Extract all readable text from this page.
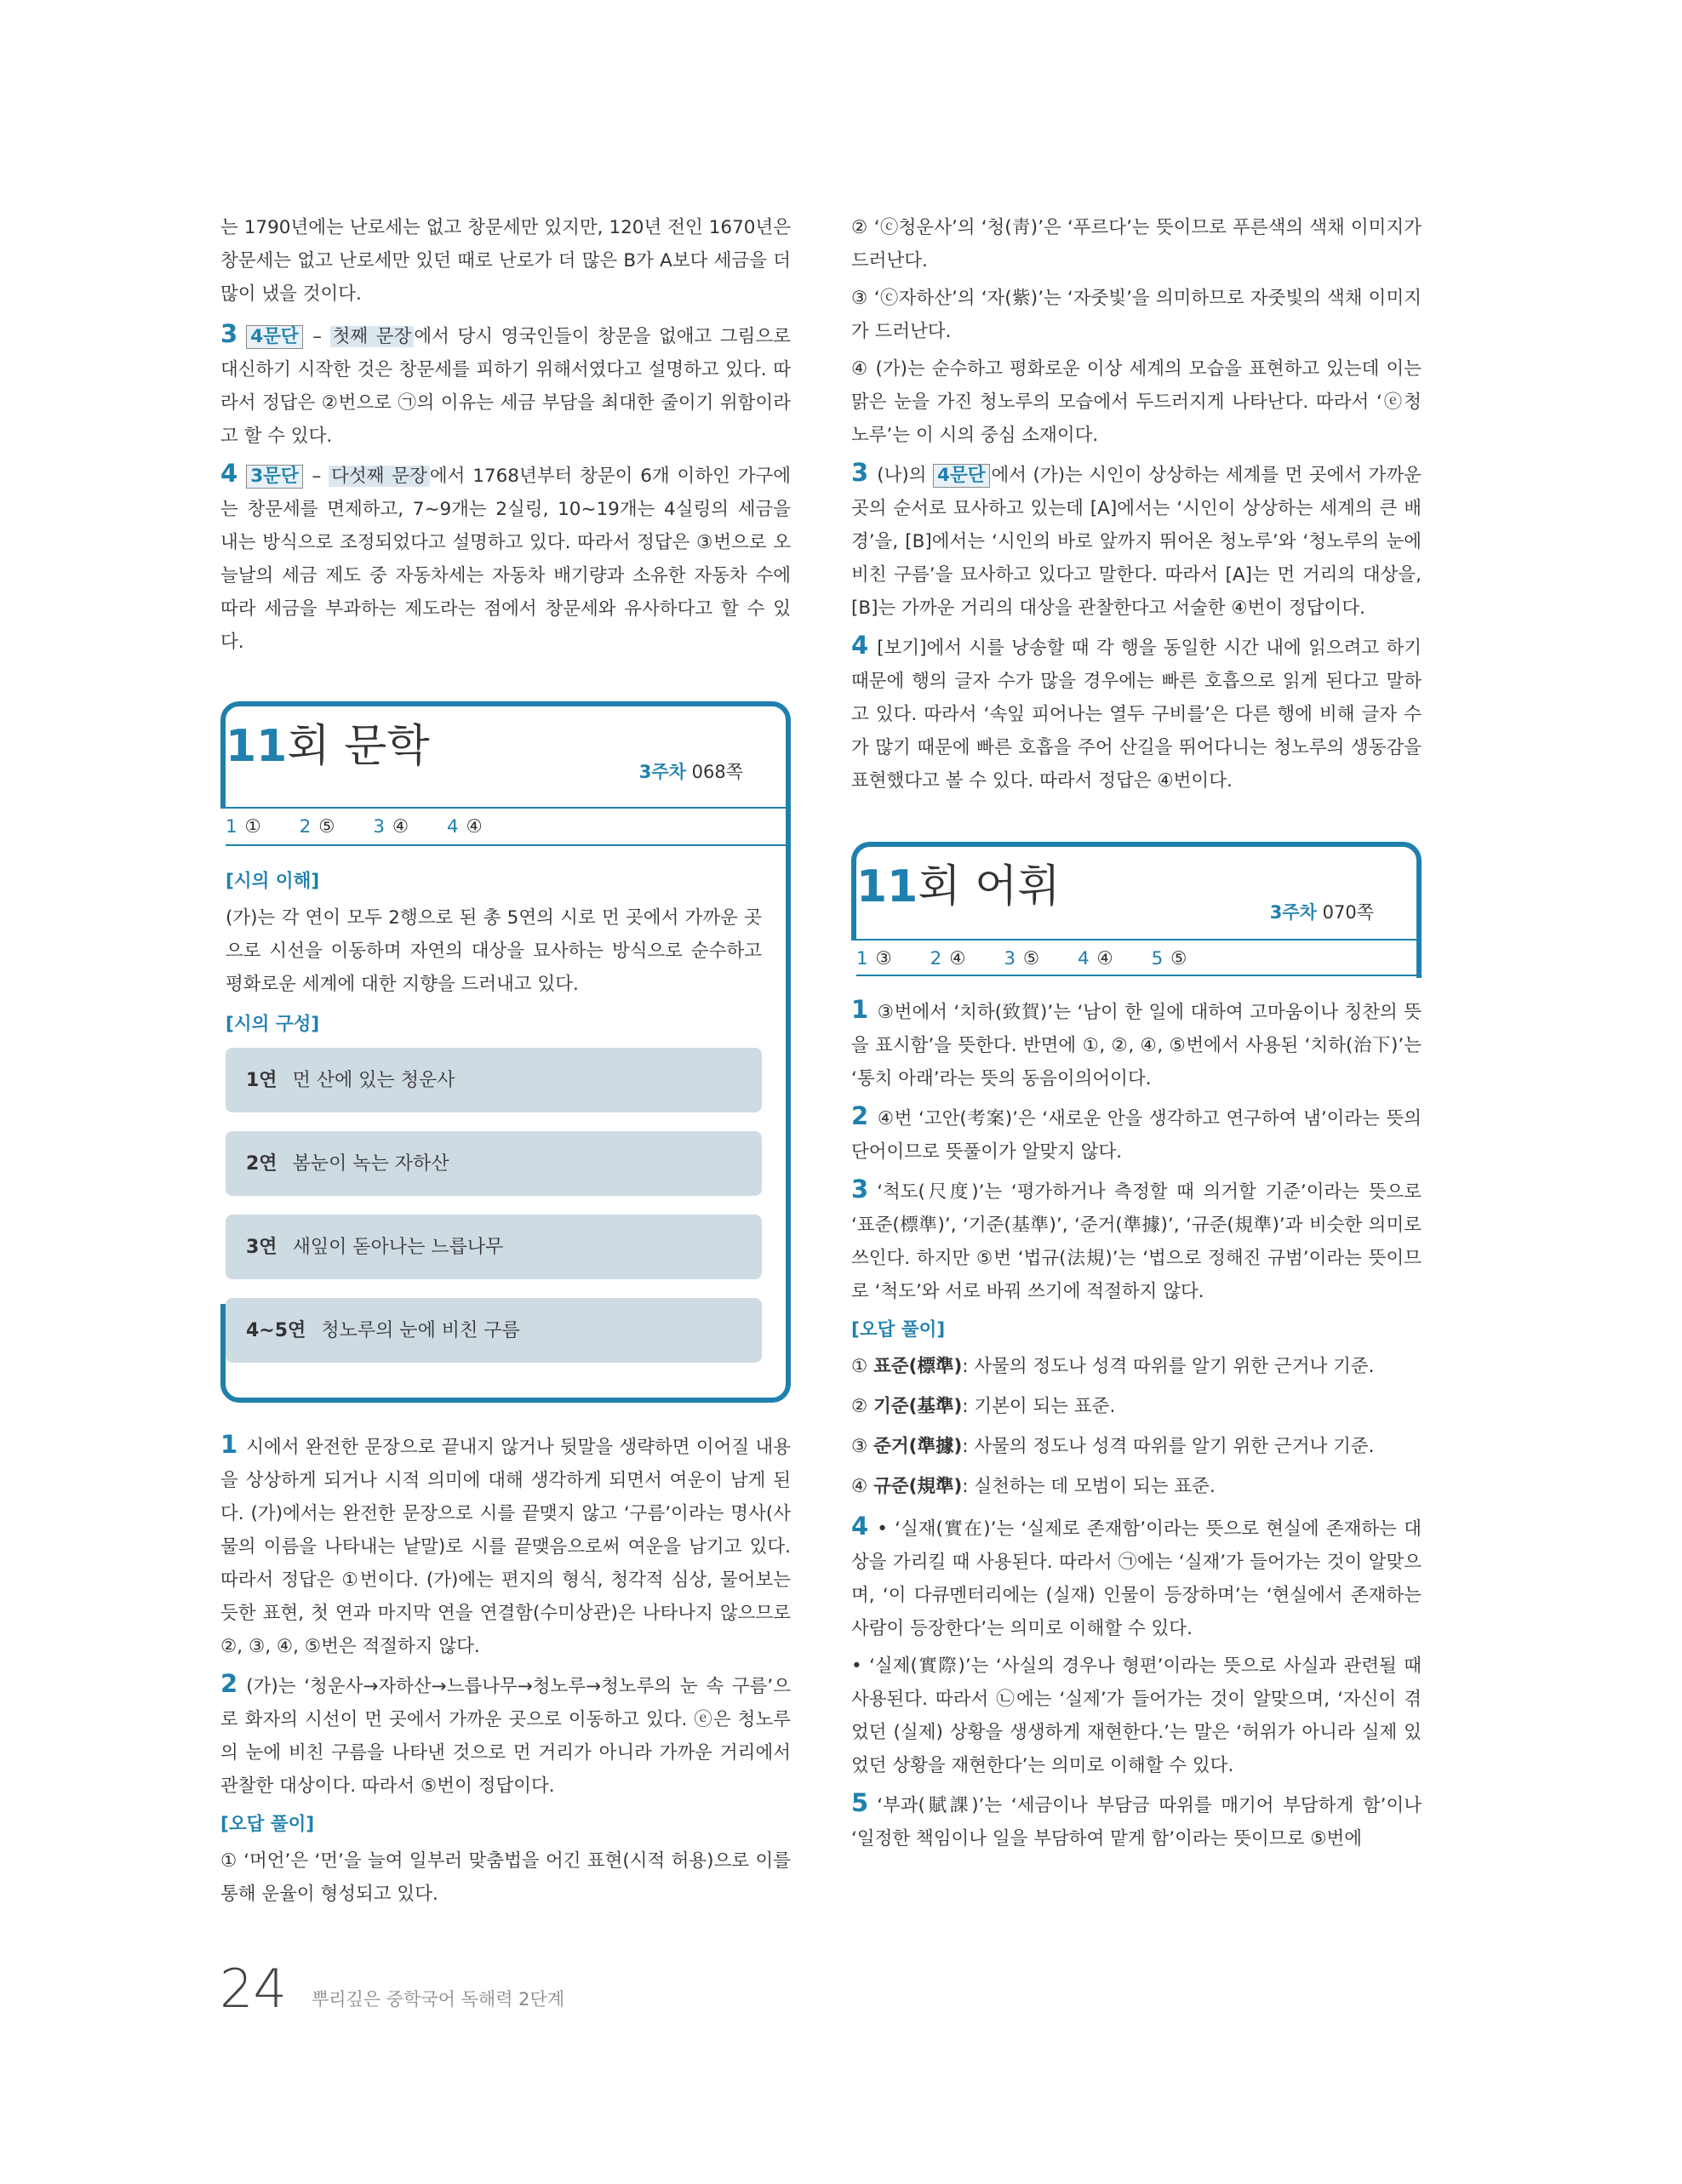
는 1790년에는 난로세는 없고 창문세만 있지만, 120년 전인 1670년은 창문세는 없고 난로세만 있던 때로 난로가 더 많은 B가 A보다 세금을 더 많이 냈을 것이다.

3 4문단 – 첫째 문장 에서 당시 영국인들이 창문을 없애고 그림으로 대신하기 시작한 것은 창문세를 피하기 위해서였다고 설명하고 있다. 따라서 정답은 ②번으로 ㉠의 이유는 세금 부담을 최대한 줄이기 위함이라고 할 수 있다.

4 3문단 – 다섯째 문장 에서 1768년부터 창문이 6개 이하인 가구에는 창문세를 면제하고, 7~9개는 2실링, 10~19개는 4실링의 세금을 내는 방식으로 조정되었다고 설명하고 있다. 따라서 정답은 ③번으로 오늘날의 세금 제도 중 자동차세는 자동차 배기량과 소유한 자동차 수에 따라 세금을 부과하는 제도라는 점에서 창문세와 유사하다고 할 수 있다.

11회 문학	3주차 068쪽
1 ① 2 ⑤ 3 ④ 4 ④
[시의 이해]

(가)는 각 연이 모두 2행으로 된 총 5연의 시로 먼 곳에서 가까운 곳으로 시선을 이동하며 자연의 대상을 묘사하는 방식으로 순수하고 평화로운 세계에 대한 지향을 드러내고 있다.

[시의 구성]
1연 먼 산에 있는 청운사
2연 봄눈이 녹는 자하산
3연 새잎이 돋아나는 느릅나무
4~5연 청노루의 눈에 비친 구름

1 시에서 완전한 문장으로 끝내지 않거나 뒷말을 생략하면 이어질 내용을 상상하게 되거나 시적 의미에 대해 생각하게 되면서 여운이 남게 된다. (가)에서는 완전한 문장으로 시를 끝맺지 않고 ‘구름’이라는 명사(사물의 이름을 나타내는 낱말)로 시를 끝맺음으로써 여운을 남기고 있다. 따라서 정답은 ①번이다. (가)에는 편지의 형식, 청각적 심상, 물어보는 듯한 표현, 첫 연과 마지막 연을 연결함(수미상관)은 나타나지 않으므로 ②, ③, ④, ⑤번은 적절하지 않다.

2 (가)는 ‘청운사→자하산→느릅나무→청노루→청노루의 눈 속 구름’으로 화자의 시선이 먼 곳에서 가까운 곳으로 이동하고 있다. ⓔ은 청노루의 눈에 비친 구름을 나타낸 것으로 먼 거리가 아니라 가까운 거리에서 관찰한 대상이다. 따라서 ⑤번이 정답이다.

[오답 풀이]

① ‘머언’은 ‘먼’을 늘여 일부러 맞춤법을 어긴 표현(시적 허용)으로 이를 통해 운율이 형성되고 있다.

② ‘ⓒ청운사’의 ‘청(靑)’은 ‘푸르다’는 뜻이므로 푸른색의 색채 이미지가 드러난다.

③ ‘ⓒ자하산’의 ‘자(紫)’는 ‘자줏빛’을 의미하므로 자줏빛의 색채 이미지가 드러난다.

④ (가)는 순수하고 평화로운 이상 세계의 모습을 표현하고 있는데 이는 맑은 눈을 가진 청노루의 모습에서 두드러지게 나타난다. 따라서 ‘ⓔ청노루’는 이 시의 중심 소재이다.

3 (나)의 4문단 에서 (가)는 시인이 상상하는 세계를 먼 곳에서 가까운 곳의 순서로 묘사하고 있는데 [A]에서는 ‘시인이 상상하는 세계의 큰 배경’을, [B]에서는 ‘시인의 바로 앞까지 뛰어온 청노루’와 ‘청노루의 눈에 비친 구름’을 묘사하고 있다고 말한다. 따라서 [A]는 먼 거리의 대상을, [B]는 가까운 거리의 대상을 관찰한다고 서술한 ④번이 정답이다.

4 [보기]에서 시를 낭송할 때 각 행을 동일한 시간 내에 읽으려고 하기 때문에 행의 글자 수가 많을 경우에는 빠른 호흡으로 읽게 된다고 말하고 있다. 따라서 ‘속잎 피어나는 열두 구비를’은 다른 행에 비해 글자 수가 많기 때문에 빠른 호흡을 주어 산길을 뛰어다니는 청노루의 생동감을 표현했다고 볼 수 있다. 따라서 정답은 ④번이다.

11회 어휘	3주차 070쪽
1 ③ 2 ④ 3 ⑤ 4 ④ 5 ⑤

1 ③번에서 ‘치하(致賀)’는 ‘남이 한 일에 대하여 고마움이나 칭찬의 뜻을 표시함’을 뜻한다. 반면에 ①, ②, ④, ⑤번에서 사용된 ‘치하(治下)’는 ‘통치 아래’라는 뜻의 동음이의어이다.

2 ④번 ‘고안(考案)’은 ‘새로운 안을 생각하고 연구하여 냄’이라는 뜻의 단어이므로 뜻풀이가 알맞지 않다.

3 ‘척도(尺度)’는 ‘평가하거나 측정할 때 의거할 기준’이라는 뜻으로 ‘표준(標準)’, ‘기준(基準)’, ‘준거(準據)’, ‘규준(規準)’과 비슷한 의미로 쓰인다. 하지만 ⑤번 ‘법규(法規)’는 ‘법으로 정해진 규범’이라는 뜻이므로 ‘척도’와 서로 바꿔 쓰기에 적절하지 않다.

[오답 풀이]

① 표준(標準): 사물의 정도나 성격 따위를 알기 위한 근거나 기준.

② 기준(基準): 기본이 되는 표준.

③ 준거(準據): 사물의 정도나 성격 따위를 알기 위한 근거나 기준.

④ 규준(規準): 실천하는 데 모범이 되는 표준.

4 • ‘실재(實在)’는 ‘실제로 존재함’이라는 뜻으로 현실에 존재하는 대상을 가리킬 때 사용된다. 따라서 ㉠에는 ‘실재’가 들어가는 것이 알맞으며, ‘이 다큐멘터리에는 (실재) 인물이 등장하며’는 ‘현실에서 존재하는 사람이 등장한다’는 의미로 이해할 수 있다.

• ‘실제(實際)’는 ‘사실의 경우나 형편’이라는 뜻으로 사실과 관련될 때 사용된다. 따라서 ㉡에는 ‘실제’가 들어가는 것이 알맞으며, ‘자신이 겪었던 (실제) 상황을 생생하게 재현한다.’는 말은 ‘허위가 아니라 실제 있었던 상황을 재현한다’는 의미로 이해할 수 있다.

5 ‘부과(賦課)’는 ‘세금이나 부담금 따위를 매기어 부담하게 함’이나 ‘일정한 책임이나 일을 부담하여 맡게 함’이라는 뜻이므로 ⑤번에

24 뿌리깊은 중학국어 독해력 2단계
